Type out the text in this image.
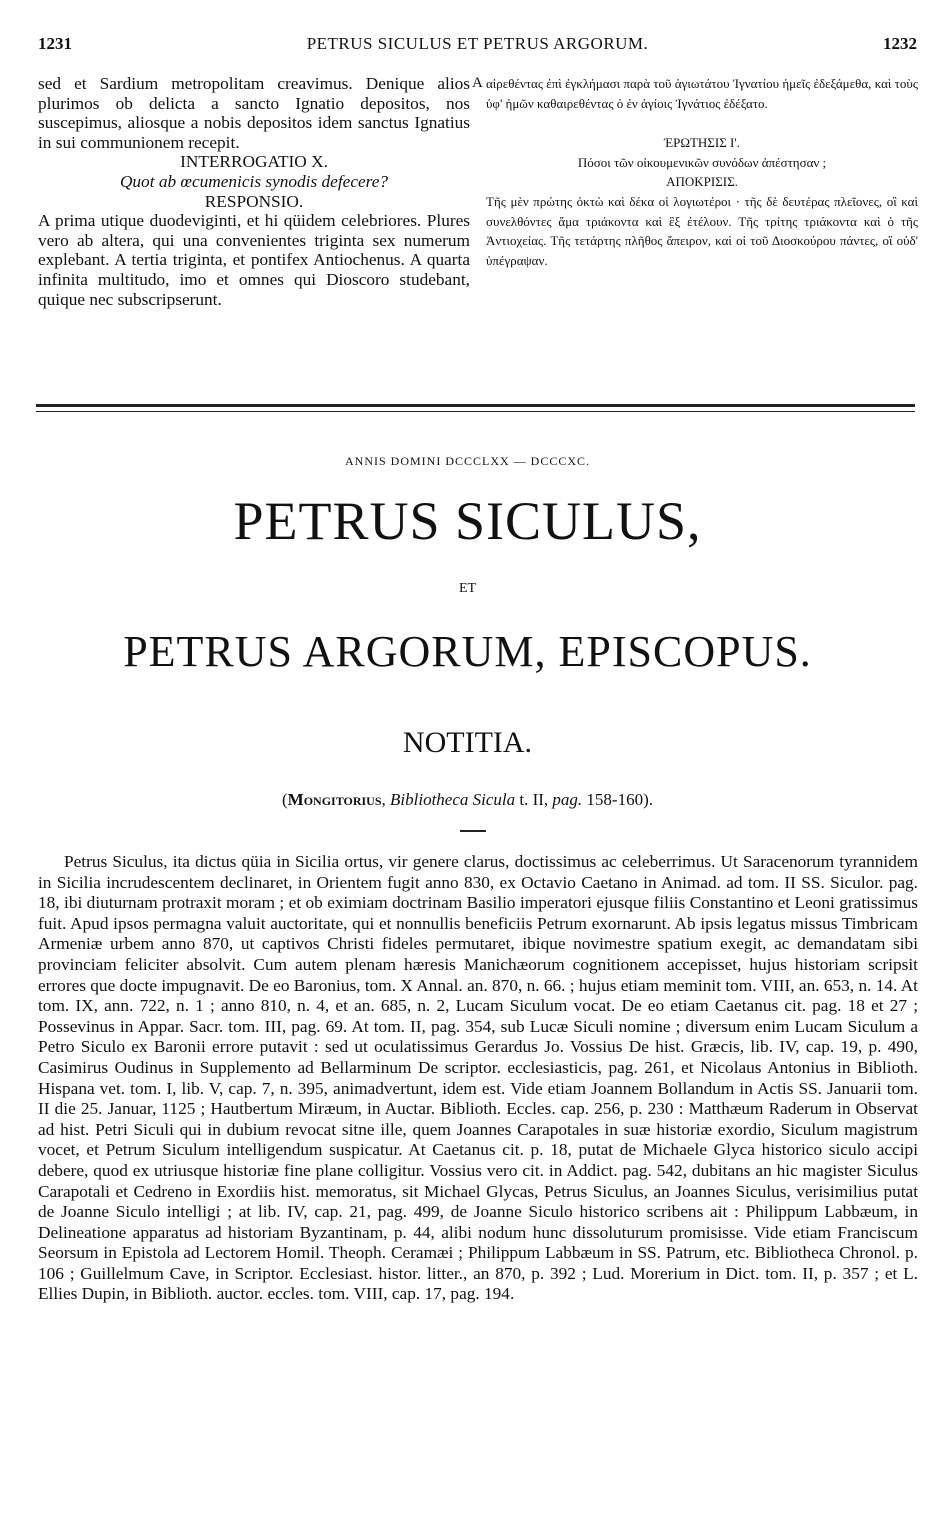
1231	PETRUS SICULUS ET PETRUS ARGORUM.	1232

sed et Sardium metropolitam creavimus. Denique alios plurimos ob delicta a sancto Ignatio depositos, nos suscepimus, aliosque a nobis depositos idem sanctus Ignatius in sui communionem recepit.

INTERROGATIO X.

Quot ab œcumenicis synodis defecere?

RESPONSIO.

A prima utique duodeviginti, et hi qüidem celebriores. Plures vero ab altera, qui una convenientes triginta sex numerum explebant. A tertia triginta, et pontifex Antiochenus. A quarta infinita multitudo, imo et omnes qui Dioscoro studebant, quique nec subscripserunt.

A αἱρεθέντας ἐπὶ ἐγκλήμασι παρὰ τοῦ ἁγιωτάτου Ἰγνατίου ἡμεῖς ἐδεξάμεθα, καὶ τοὺς ὑφ' ἡμῶν καθαιρεθέντας ὁ ἐν ἁγίοις Ἰγνάτιος ἐδέξατο.

ΈΡΩΤΗΣΙΣ Ι'.

Πόσοι τῶν οἰκουμενικῶν συνόδων ἀπέστησαν ;

ΑΠΟΚΡΙΣΙΣ.

Τῆς μὲν πρώτης ὀκτὼ καὶ δέκα οἱ λογιωτέροι · τῆς δὲ δευτέρας πλεῖονες, οἳ καὶ συνελθόντες ἅμα τριάκοντα καὶ ἓξ ἐτέλουν. Τῆς τρίτης τριάκοντα καὶ ὁ τῆς Ἀντιοχείας. Τῆς τετάρτης πλῆθος ἄπειρον, καὶ οἱ τοῦ Διοσκούρου πάντες, οἳ οὐδ' ὑπέγραψαν.

ANNIS DOMINI DCCCLXX — DCCCXC.
PETRUS SICULUS,
ET
PETRUS ARGORUM, EPISCOPUS.
NOTITIA.
(Mongitorius, Bibliotheca Sicula t. II, pag. 158-160).

Petrus Siculus, ita dictus qüia in Sicilia ortus, vir genere clarus, doctissimus ac celeberrimus. Ut Saracenorum tyrannidem in Sicilia incrudescentem declinaret, in Orientem fugit anno 830, ex Octavio Caetano in Animad. ad tom. II SS. Siculor. pag. 18, ibi diuturnam protraxit moram ; et ob eximiam doctrinam Basilio imperatori ejusque filiis Constantino et Leoni gratissimus fuit. Apud ipsos permagna valuit auctoritate, qui et nonnullis beneficiis Petrum exornarunt. Ab ipsis legatus missus Timbricam Armeniæ urbem anno 870, ut captivos Christi fideles permutaret, ibique novimestre spatium exegit, ac demandatam sibi provinciam feliciter absolvit. Cum autem plenam hæresis Manichæorum cognitionem accepisset, hujus historiam scripsit errores que docte impugnavit. De eo Baronius, tom. X Annal. an. 870, n. 66. ; hujus etiam meminit tom. VIII, an. 653, n. 14. At tom. IX, ann. 722, n. 1 ; anno 810, n. 4, et an. 685, n. 2, Lucam Siculum vocat. De eo etiam Caetanus cit. pag. 18 et 27 ; Possevinus in Appar. Sacr. tom. III, pag. 69. At tom. II, pag. 354, sub Lucæ Siculi nomine ; diversum enim Lucam Siculum a Petro Siculo ex Baronii errore putavit : sed ut oculatissimus Gerardus Jo. Vossius De hist. Græcis, lib. IV, cap. 19, p. 490, Casimirus Oudinus in Supplemento ad Bellarminum De scriptor. ecclesiasticis, pag. 261, et Nicolaus Antonius in Biblioth. Hispana vet. tom. I, lib. V, cap. 7, n. 395, animadvertunt, idem est. Vide etiam Joannem Bollandum in Actis SS. Januarii tom. II die 25. Januar, 1125 ; Hautbertum Miræum, in Auctar. Biblioth. Eccles. cap. 256, p. 230 : Matthæum Raderum in Observat ad hist. Petri Siculi qui in dubium revocat sitne ille, quem Joannes Carapotales in suæ historiæ exordio, Siculum magistrum vocet, et Petrum Siculum intelligendum suspicatur. At Caetanus cit. p. 18, putat de Michaele Glyca historico siculo accipi debere, quod ex utriusque historiæ fine plane colligitur. Vossius vero cit. in Addict. pag. 542, dubitans an hic magister Siculus Carapotali et Cedreno in Exordiis hist. memoratus, sit Michael Glycas, Petrus Siculus, an Joannes Siculus, verisimilius putat de Joanne Siculo intelligi ; at lib. IV, cap. 21, pag. 499, de Joanne Siculo historico scribens ait : Philippum Labbæum, in Delineatione apparatus ad historiam Byzantinam, p. 44, alibi nodum hunc dissoluturum promisisse. Vide etiam Franciscum Seorsum in Epistola ad Lectorem Homil. Theoph. Ceramæi ; Philippum Labbæum in SS. Patrum, etc. Bibliotheca Chronol. p. 106 ; Guillelmum Cave, in Scriptor. Ecclesiast. histor. litter., an 870, p. 392 ; Lud. Morerium in Dict. tom. II, p. 357 ; et L. Ellies Dupin, in Biblioth. auctor. eccles. tom. VIII, cap. 17, pag. 194.
